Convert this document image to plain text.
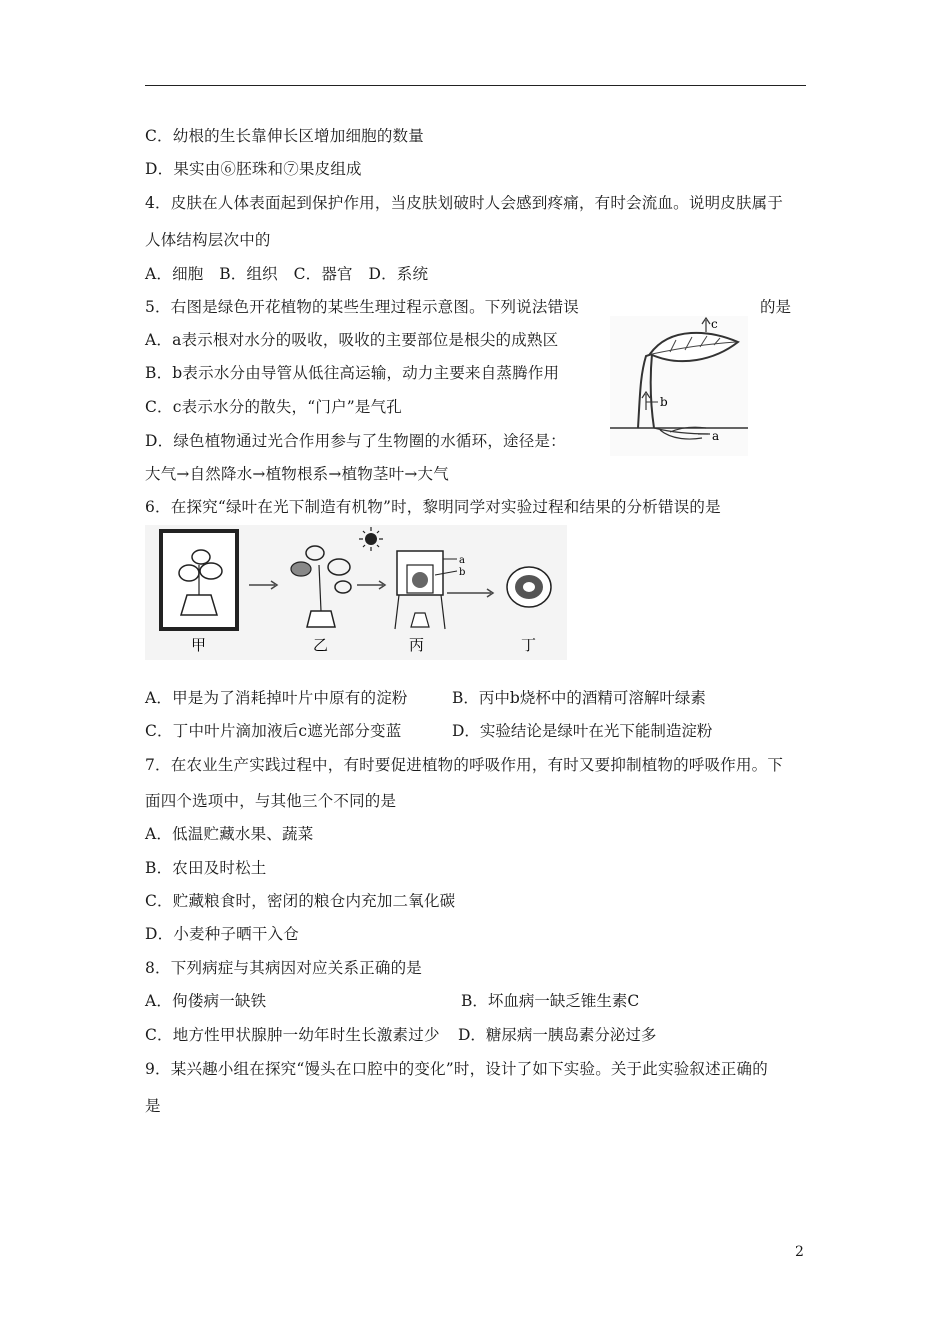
C．幼根的生长靠伸长区增加细胞的数量
D．果实由⑥胚珠和⑦果皮组成
4．皮肤在人体表面起到保护作用，当皮肤划破时人会感到疼痛，有时会流血。说明皮肤属于
人体结构层次中的
A．细胞　B．组织　C．器官　D．系统
5．右图是绿色开花植物的某些生理过程示意图。下列说法错误	的是
A．a表示根对水分的吸收，吸收的主要部位是根尖的成熟区
B．b表示水分由导管从低往高运输，动力主要来自蒸腾作用
C．c表示水分的散失，“门户”是气孔
D．绿色植物通过光合作用参与了生物圈的水循环，途径是：
大气→自然降水→植物根系→植物茎叶→大气
6．在探究“绿叶在光下制造有机物”时，黎明同学对实验过程和结果的分析错误的是
c
b
a
a
b
甲	乙	丙	丁
A．甲是为了消耗掉叶片中原有的淀粉	B．丙中b烧杯中的酒精可溶解叶绿素
C．丁中叶片滴加液后c遮光部分变蓝	D．实验结论是绿叶在光下能制造淀粉
7．在农业生产实践过程中，有时要促进植物的呼吸作用，有时又要抑制植物的呼吸作用。下
面四个选项中，与其他三个不同的是
A．低温贮藏水果、蔬菜
B．农田及时松土
C．贮藏粮食时，密闭的粮仓内充加二氧化碳
D．小麦种子晒干入仓
8．下列病症与其病因对应关系正确的是
A．佝偻病一缺铁	B．坏血病一缺乏锥生素C
C．地方性甲状腺肿一幼年时生长激素过少 D．糖尿病一胰岛素分泌过多
9．某兴趣小组在探究“馒头在口腔中的变化”时，设计了如下实验。关于此实验叙述正确的
是
2
